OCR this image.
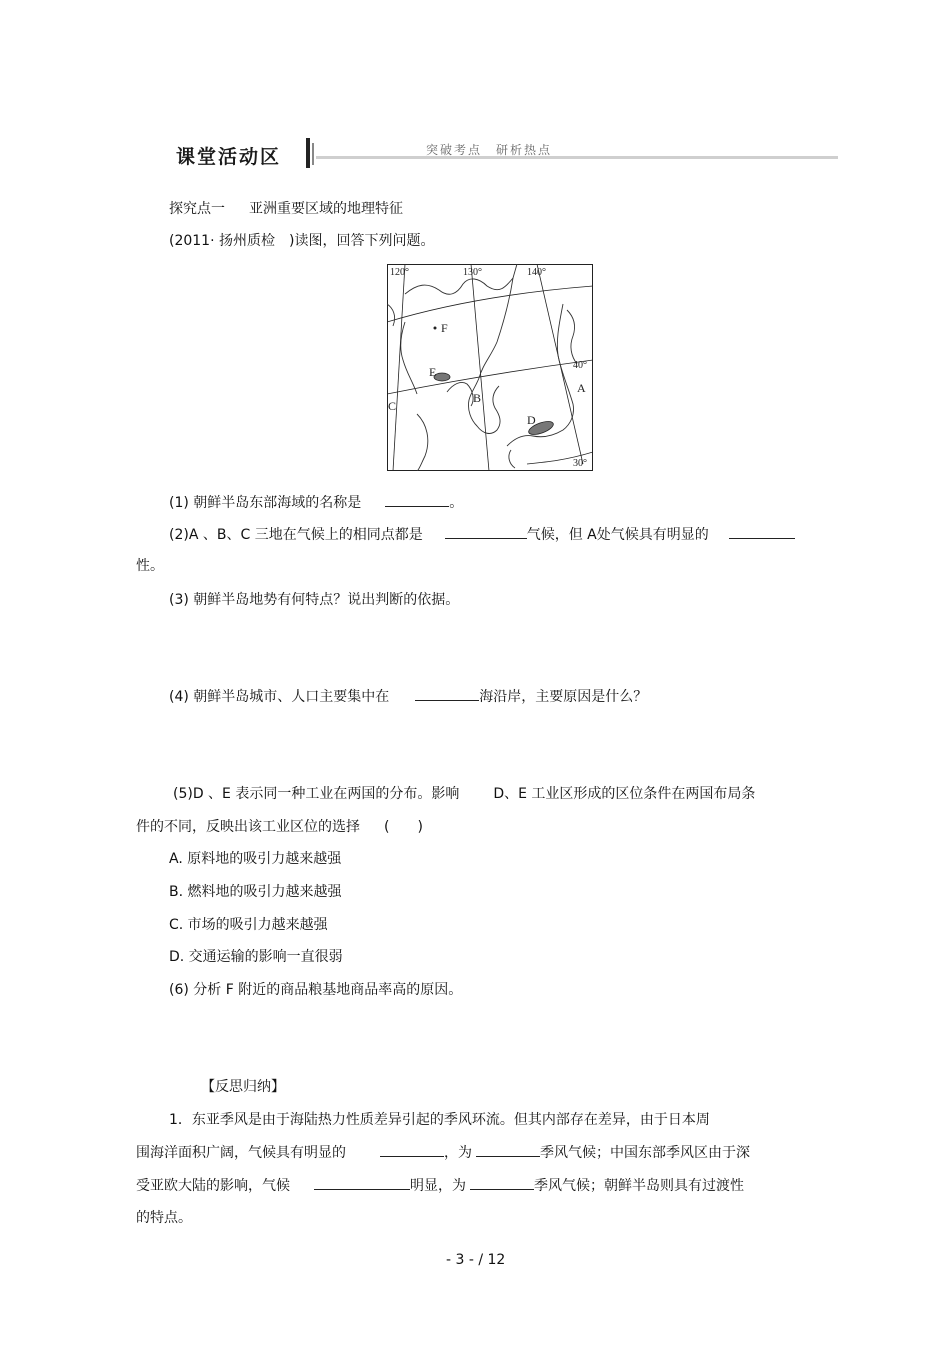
课堂活动区	突破考点　研析热点
探究点一 亚洲重要区域的地理特征
(2011· 扬州质检　)读图，回答下列问题。
120°	130°	140°
40°
30°
F
E
B
C
D
A
(1) 朝鲜半岛东部海域的名称是	。
(2)A 、B、C 三地在气候上的相同点都是	气候，但 A处气候具有明显的
性。
(3) 朝鲜半岛地势有何特点？说出判断的依据。
(4) 朝鲜半岛城市、人口主要集中在	海沿岸，主要原因是什么？
(5)D 、E 表示同一种工业在两国的分布。影响 D、E 工业区形成的区位条件在两国布局条
件的不同，反映出该工业区位的选择 (　　)
A. 原料地的吸引力越来越强
B. 燃料地的吸引力越来越强
C. 市场的吸引力越来越强
D. 交通运输的影响一直很弱
(6) 分析 F 附近的商品粮基地商品率高的原因。
【反思归纳】
1．东亚季风是由于海陆热力性质差异引起的季风环流。但其内部存在差异，由于日本周
围海洋面积广阔，气候具有明显的	，为	季风气候；中国东部季风区由于深
受亚欧大陆的影响，气候	明显，为	季风气候；朝鲜半岛则具有过渡性
的特点。
- 3 - / 12
